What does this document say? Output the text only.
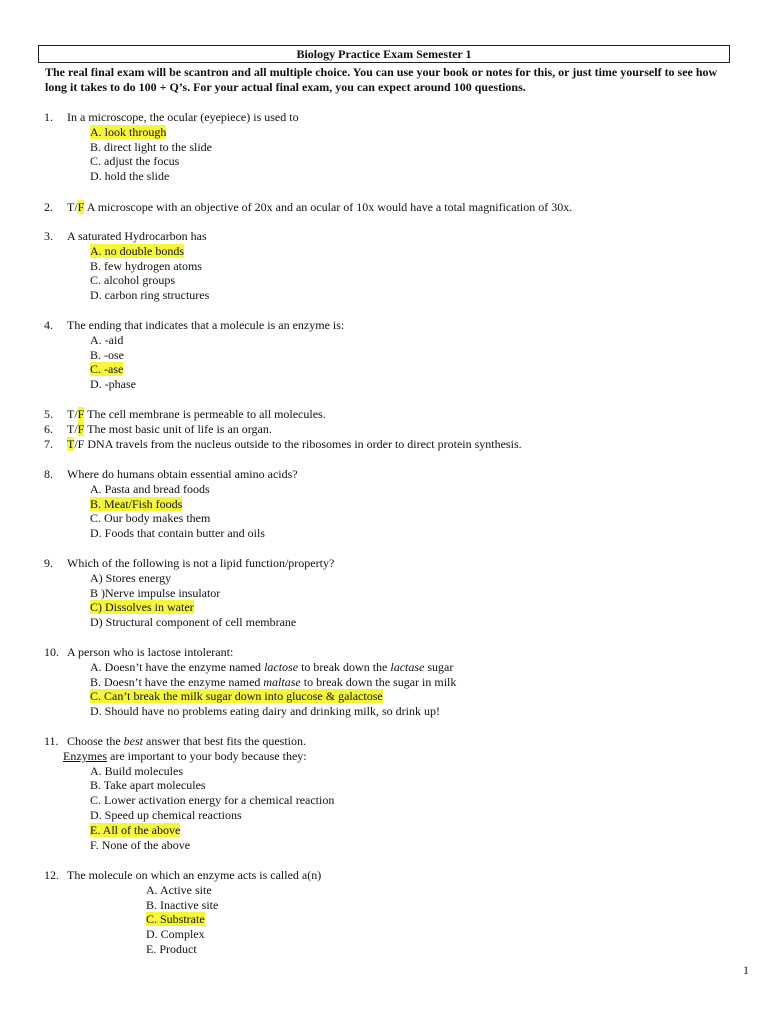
Biology Practice Exam Semester 1
The real final exam will be scantron and all multiple choice. You can use your book or notes for this, or just time yourself to see how long it takes to do 100 + Q’s. For your actual final exam, you can expect around 100 questions.
1. In a microscope, the ocular (eyepiece) is used to
A. look through
B. direct light to the slide
C. adjust the focus
D. hold the slide
2. T/F A microscope with an objective of 20x and an ocular of 10x would have a total magnification of 30x.
3. A saturated Hydrocarbon has
A. no double bonds
B. few hydrogen atoms
C. alcohol groups
D. carbon ring structures
4. The ending that indicates that a molecule is an enzyme is:
A. -aid
B. -ose
C. -ase
D. -phase
5. T/F The cell membrane is permeable to all molecules.
6. T/F The most basic unit of life is an organ.
7. T/F DNA travels from the nucleus outside to the ribosomes in order to direct protein synthesis.
8. Where do humans obtain essential amino acids?
A. Pasta and bread foods
B. Meat/Fish foods
C. Our body makes them
D. Foods that contain butter and oils
9. Which of the following is not a lipid function/property?
A) Stores energy
B )Nerve impulse insulator
C) Dissolves in water
D) Structural component of cell membrane
10. A person who is lactose intolerant:
A. Doesn’t have the enzyme named lactose to break down the lactase sugar
B. Doesn’t have the enzyme named maltase to break down the sugar in milk
C. Can’t break the milk sugar down into glucose & galactose
D. Should have no problems eating dairy and drinking milk, so drink up!
11. Choose the best answer that best fits the question.
Enzymes are important to your body because they:
A. Build molecules
B. Take apart molecules
C. Lower activation energy for a chemical reaction
D. Speed up chemical reactions
E. All of the above
F. None of the above
12. The molecule on which an enzyme acts is called a(n)
A. Active site
B. Inactive site
C. Substrate
D. Complex
E. Product
1
